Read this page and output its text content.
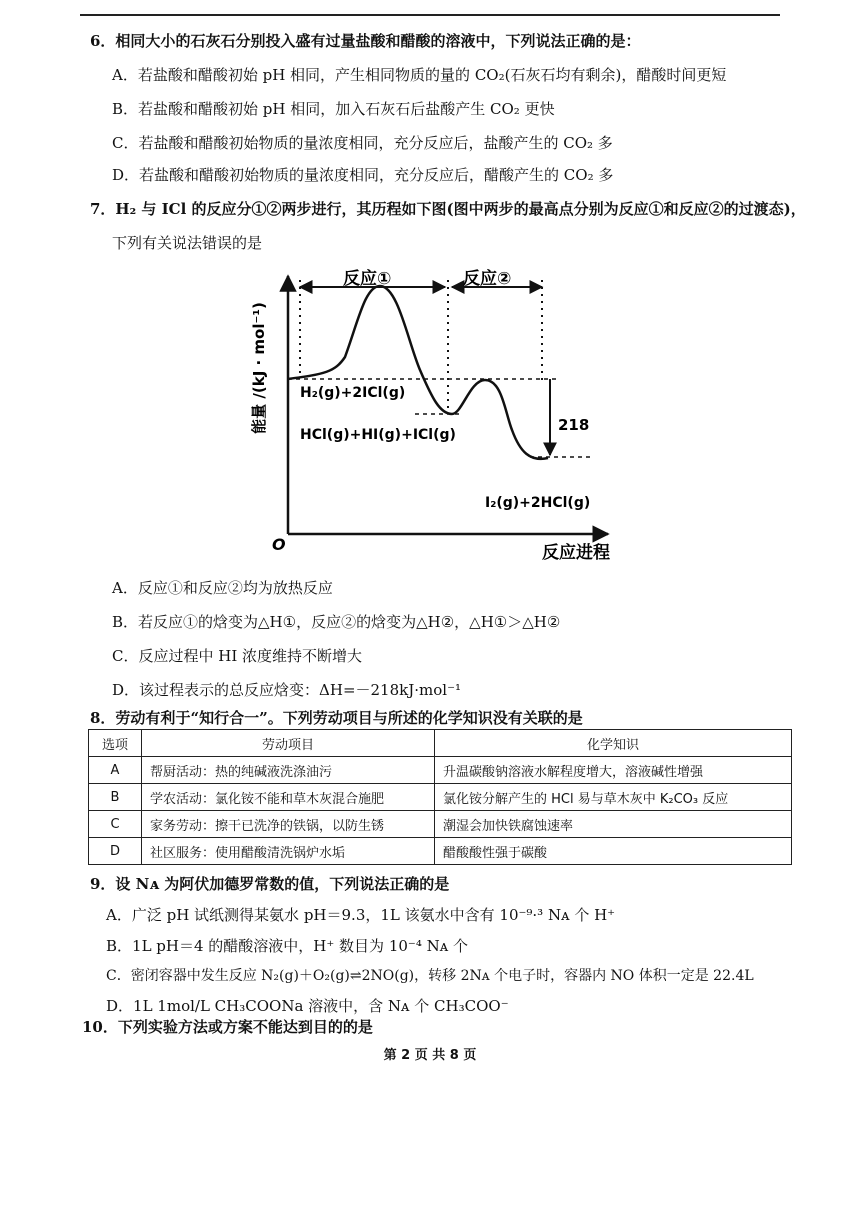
6．相同大小的石灰石分别投入盛有过量盐酸和醋酸的溶液中，下列说法正确的是：
A．若盐酸和醋酸初始 pH 相同，产生相同物质的量的 CO₂(石灰石均有剩余)，醋酸时间更短
B．若盐酸和醋酸初始 pH 相同，加入石灰石后盐酸产生 CO₂ 更快
C．若盐酸和醋酸初始物质的量浓度相同，充分反应后，盐酸产生的 CO₂ 多
D．若盐酸和醋酸初始物质的量浓度相同，充分反应后，醋酸产生的 CO₂ 多
7．H₂ 与 ICl 的反应分①②两步进行，其历程如下图(图中两步的最高点分别为反应①和反应②的过渡态)，
下列有关说法错误的是
能量 /(kJ · mol⁻¹)
O	反应进程
反应①	反应②
H₂(g)+2ICl(g)
HCl(g)+HI(g)+ICl(g)
218
I₂(g)+2HCl(g)
A．反应①和反应②均为放热反应
B．若反应①的焓变为△H①，反应②的焓变为△H②，△H①＞△H②
C．反应过程中 HI 浓度维持不断增大
D．该过程表示的总反应焓变：ΔH=－218kJ·mol⁻¹
8．劳动有利于“知行合一”。下列劳动项目与所述的化学知识没有关联的是
选项	劳动项目	化学知识
A	帮厨活动：热的纯碱液洗涤油污	升温碳酸钠溶液水解程度增大，溶液碱性增强
B	学农活动：氯化铵不能和草木灰混合施肥	氯化铵分解产生的 HCl 易与草木灰中 K₂CO₃ 反应
C	家务劳动：擦干已洗净的铁锅，以防生锈	潮湿会加快铁腐蚀速率
D	社区服务：使用醋酸清洗锅炉水垢	醋酸酸性强于碳酸
9．设 Nᴀ 为阿伏加德罗常数的值，下列说法正确的是
A．广泛 pH 试纸测得某氨水 pH＝9.3，1L 该氨水中含有 10⁻⁹·³ Nᴀ 个 H⁺
B．1L pH＝4 的醋酸溶液中，H⁺ 数目为 10⁻⁴ Nᴀ 个
C．密闭容器中发生反应 N₂(g)＋O₂(g)⇌2NO(g)，转移 2Nᴀ 个电子时，容器内 NO 体积一定是 22.4L
D．1L 1mol/L CH₃COONa 溶液中，含 Nᴀ 个 CH₃COO⁻
10．下列实验方法或方案不能达到目的的是
第 2 页 共 8 页
